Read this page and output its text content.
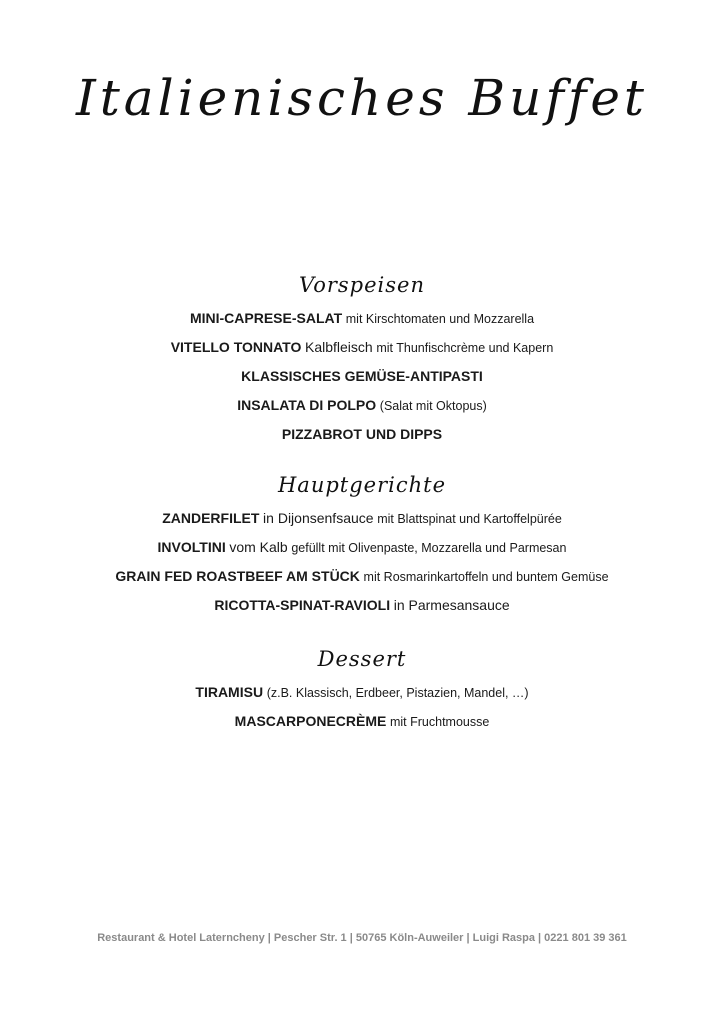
Italienisches Buffet
Vorspeisen
MINI-CAPRESE-SALAT mit Kirschtomaten und Mozzarella
VITELLO TONNATO Kalbfleisch mit Thunfischcrème und Kapern
KLASSISCHES GEMÜSE-ANTIPASTI
INSALATA DI POLPO (Salat mit Oktopus)
PIZZABROT UND DIPPS
Hauptgerichte
ZANDERFILET in Dijonsenfsauce mit Blattspinat und Kartoffelpürée
INVOLTINI vom Kalb gefüllt mit Olivenpaste, Mozzarella und Parmesan
GRAIN FED ROASTBEEF AM STÜCK mit Rosmarinkartoffeln und buntem Gemüse
RICOTTA-SPINAT-RAVIOLI in Parmesansauce
Dessert
TIRAMISU (z.B. Klassisch, Erdbeer, Pistazien, Mandel, …)
MASCARPONECRÈME mit Fruchtmousse
Restaurant & Hotel Laterncheny | Pescher Str. 1 | 50765 Köln-Auweiler | Luigi Raspa | 0221 801 39 361
